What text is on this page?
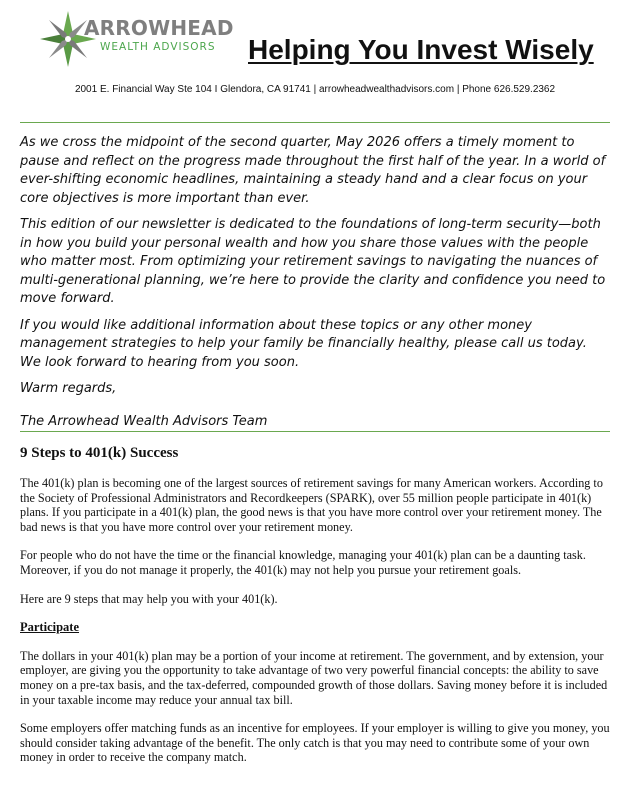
ARROWHEAD
WEALTH ADVISORS Helping You Invest Wisely
2001 E. Financial Way Ste 104 I Glendora, CA 91741 | arrowheadwealthadvisors.com | Phone 626.529.2362

As we cross the midpoint of the second quarter, May 2026 offers a timely moment to pause and reflect on the progress made throughout the first half of the year. In a world of ever-shifting economic headlines, maintaining a steady hand and a clear focus on your core objectives is more important than ever.

This edition of our newsletter is dedicated to the foundations of long-term security—both in how you build your personal wealth and how you share those values with the people who matter most. From optimizing your retirement savings to navigating the nuances of multi-generational planning, we’re here to provide the clarity and confidence you need to move forward.

If you would like additional information about these topics or any other money management strategies to help your family be financially healthy, please call us today. We look forward to hearing from you soon.

Warm regards,

The Arrowhead Wealth Advisors Team

9 Steps to 401(k) Success

The 401(k) plan is becoming one of the largest sources of retirement savings for many American workers. According to the Society of Professional Administrators and Recordkeepers (SPARK), over 55 million people participate in 401(k) plans. If you participate in a 401(k) plan, the good news is that you have more control over your retirement money. The bad news is that you have more control over your retirement money.

For people who do not have the time or the financial knowledge, managing your 401(k) plan can be a daunting task. Moreover, if you do not manage it properly, the 401(k) may not help you pursue your retirement goals.

Here are 9 steps that may help you with your 401(k).

Participate

The dollars in your 401(k) plan may be a portion of your income at retirement. The government, and by extension, your employer, are giving you the opportunity to take advantage of two very powerful financial concepts: the ability to save money on a pre-tax basis, and the tax-deferred, compounded growth of those dollars. Saving money before it is included in your taxable income may reduce your annual tax bill.

Some employers offer matching funds as an incentive for employees. If your employer is willing to give you money, you should consider taking advantage of the benefit. The only catch is that you may need to contribute some of your own money in order to receive the company match.
